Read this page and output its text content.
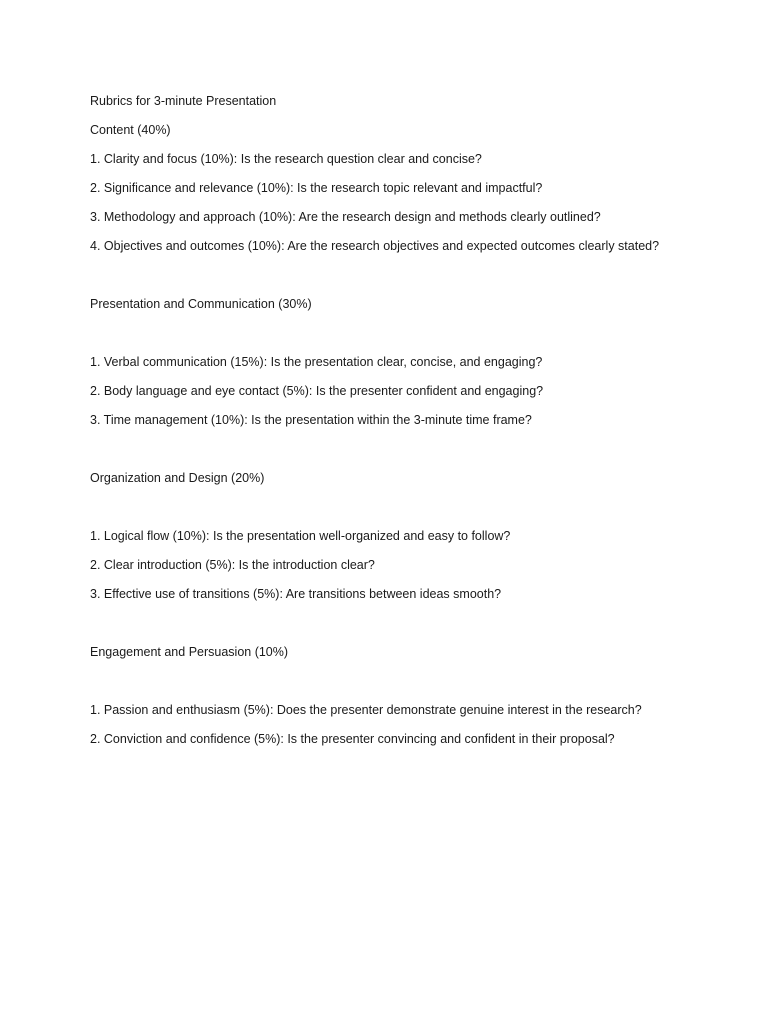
Rubrics for 3-minute Presentation

Content (40%)

1. Clarity and focus (10%): Is the research question clear and concise?

2. Significance and relevance (10%): Is the research topic relevant and impactful?

3. Methodology and approach (10%): Are the research design and methods clearly outlined?

4. Objectives and outcomes (10%): Are the research objectives and expected outcomes clearly stated?

Presentation and Communication (30%)

1. Verbal communication (15%): Is the presentation clear, concise, and engaging?

2. Body language and eye contact (5%): Is the presenter confident and engaging?

3. Time management (10%): Is the presentation within the 3-minute time frame?

Organization and Design (20%)

1. Logical flow (10%): Is the presentation well-organized and easy to follow?

2. Clear introduction (5%): Is the introduction clear?

3. Effective use of transitions (5%): Are transitions between ideas smooth?

Engagement and Persuasion (10%)

1. Passion and enthusiasm (5%): Does the presenter demonstrate genuine interest in the research?

2. Conviction and confidence (5%): Is the presenter convincing and confident in their proposal?
